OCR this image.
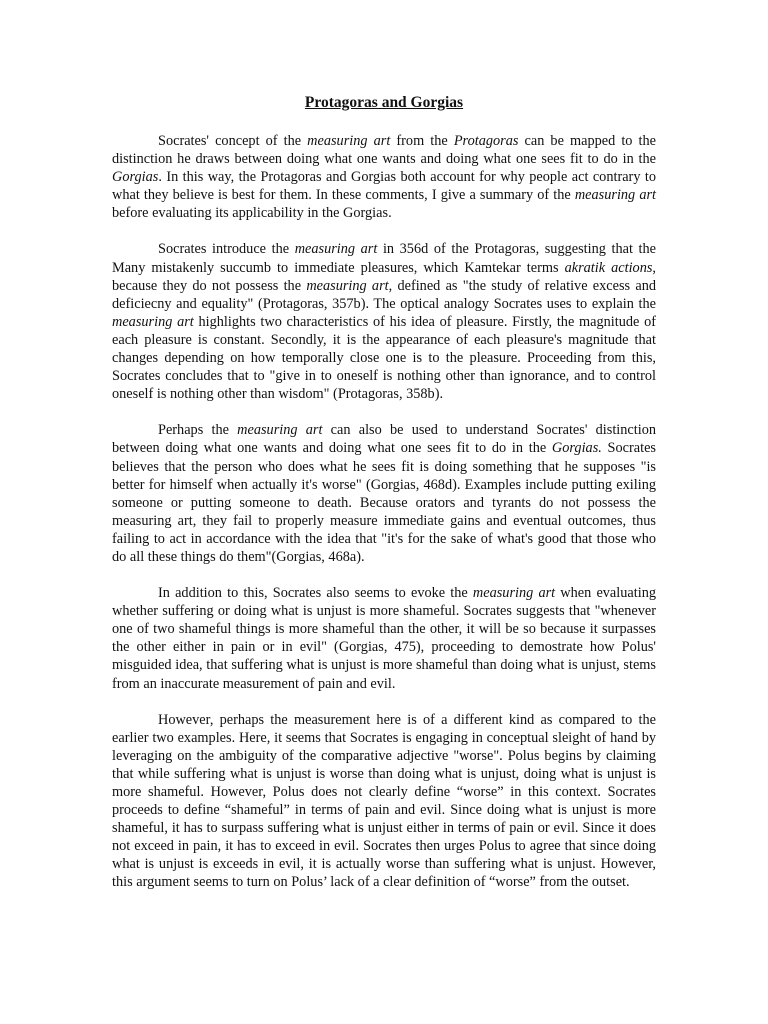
Protagoras and Gorgias

Socrates' concept of the measuring art from the Protagoras can be mapped to the distinction he draws between doing what one wants and doing what one sees fit to do in the Gorgias. In this way, the Protagoras and Gorgias both account for why people act contrary to what they believe is best for them. In these comments, I give a summary of the measuring art before evaluating its applicability in the Gorgias.

Socrates introduce the measuring art in 356d of the Protagoras, suggesting that the Many mistakenly succumb to immediate pleasures, which Kamtekar terms akratik actions, because they do not possess the measuring art, defined as "the study of relative excess and deficiecny and equality" (Protagoras, 357b). The optical analogy Socrates uses to explain the measuring art highlights two characteristics of his idea of pleasure. Firstly, the magnitude of each pleasure is constant. Secondly, it is the appearance of each pleasure's magnitude that changes depending on how temporally close one is to the pleasure. Proceeding from this, Socrates concludes that to "give in to oneself is nothing other than ignorance, and to control oneself is nothing other than wisdom" (Protagoras, 358b).

Perhaps the measuring art can also be used to understand Socrates' distinction between doing what one wants and doing what one sees fit to do in the Gorgias. Socrates believes that the person who does what he sees fit is doing something that he supposes "is better for himself when actually it's worse" (Gorgias, 468d). Examples include putting exiling someone or putting someone to death. Because orators and tyrants do not possess the measuring art, they fail to properly measure immediate gains and eventual outcomes, thus failing to act in accordance with the idea that "it's for the sake of what's good that those who do all these things do them"(Gorgias, 468a).

In addition to this, Socrates also seems to evoke the measuring art when evaluating whether suffering or doing what is unjust is more shameful. Socrates suggests that "whenever one of two shameful things is more shameful than the other, it will be so because it surpasses the other either in pain or in evil" (Gorgias, 475), proceeding to demostrate how Polus' misguided idea, that suffering what is unjust is more shameful than doing what is unjust, stems from an inaccurate measurement of pain and evil.

However, perhaps the measurement here is of a different kind as compared to the earlier two examples. Here, it seems that Socrates is engaging in conceptual sleight of hand by leveraging on the ambiguity of the comparative adjective "worse". Polus begins by claiming that while suffering what is unjust is worse than doing what is unjust, doing what is unjust is more shameful. However, Polus does not clearly define “worse” in this context. Socrates proceeds to define “shameful” in terms of pain and evil. Since doing what is unjust is more shameful, it has to surpass suffering what is unjust either in terms of pain or evil. Since it does not exceed in pain, it has to exceed in evil. Socrates then urges Polus to agree that since doing what is unjust is exceeds in evil, it is actually worse than suffering what is unjust. However, this argument seems to turn on Polus’ lack of a clear definition of “worse” from the outset.
